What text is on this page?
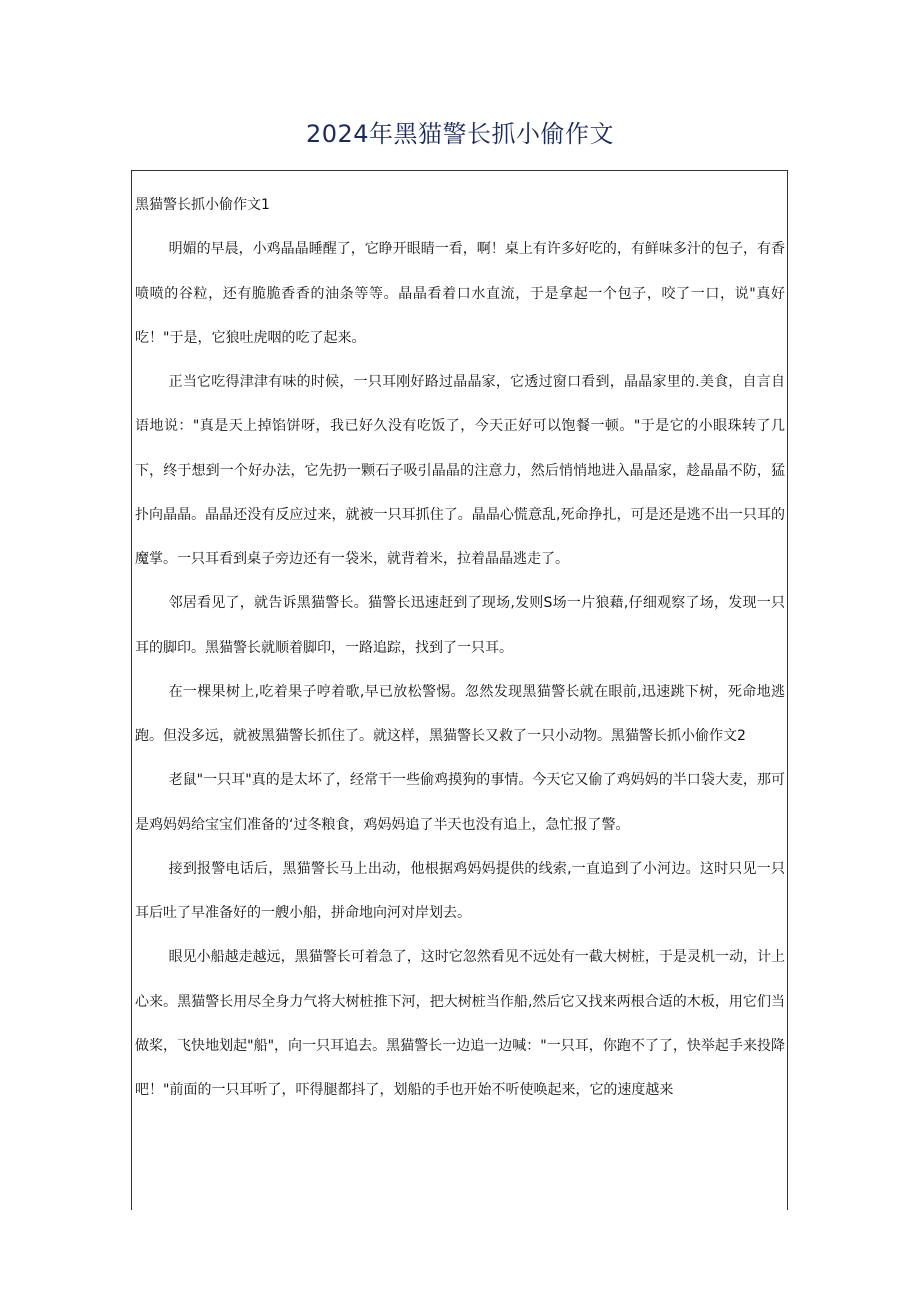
2024年黑猫警长抓小偷作文

黑猫警长抓小偷作文1

明媚的早晨，小鸡晶晶睡醒了，它睁开眼睛一看，啊！桌上有许多好吃的，有鲜味多汁的包子，有香喷喷的谷粒，还有脆脆香香的油条等等。晶晶看着口水直流，于是拿起一个包子，咬了一口，说"真好吃！"于是，它狼吐虎咽的吃了起来。

正当它吃得津津有味的时候，一只耳刚好路过晶晶家，它透过窗口看到，晶晶家里的.美食，自言自语地说："真是天上掉馅饼呀，我已好久没有吃饭了，今天正好可以饱餐一顿。"于是它的小眼珠转了几下，终于想到一个好办法，它先扔一颗石子吸引晶晶的注意力，然后悄悄地进入晶晶家，趁晶晶不防，猛扑向晶晶。晶晶还没有反应过来，就被一只耳抓住了。晶晶心慌意乱,死命挣扎，可是还是逃不出一只耳的魔掌。一只耳看到桌子旁边还有一袋米，就背着米，拉着晶晶逃走了。

邻居看见了，就告诉黑猫警长。猫警长迅速赶到了现场,发则S场一片狼藉,仔细观察了场，发现一只耳的脚印。黑猫警长就顺着脚印，一路追踪，找到了一只耳。

在一棵果树上,吃着果子哼着歌,早已放松警惕。忽然发现黑猫警长就在眼前,迅速跳下树，死命地逃跑。但没多远，就被黑猫警长抓住了。就这样，黑猫警长又救了一只小动物。黑猫警长抓小偷作文2

老鼠"一只耳"真的是太坏了，经常干一些偷鸡摸狗的事情。今天它又偷了鸡妈妈的半口袋大麦，那可是鸡妈妈给宝宝们准备的‘过冬粮食，鸡妈妈追了半天也没有追上，急忙报了警。

接到报警电话后，黑猫警长马上出动，他根据鸡妈妈提供的线索,一直追到了小河边。这时只见一只耳后吐了早准备好的一艘小船，拼命地向河对岸划去。

眼见小船越走越远，黑猫警长可着急了，这时它忽然看见不远处有一截大树桩，于是灵机一动，计上心来。黑猫警长用尽全身力气将大树桩推下河，把大树桩当作船,然后它又找来两根合适的木板，用它们当做桨，飞快地划起"船"，向一只耳追去。黑猫警长一边追一边喊："一只耳，你跑不了了，快举起手来投降吧！"前面的一只耳听了，吓得腿都抖了，划船的手也开始不听使唤起来，它的速度越来
